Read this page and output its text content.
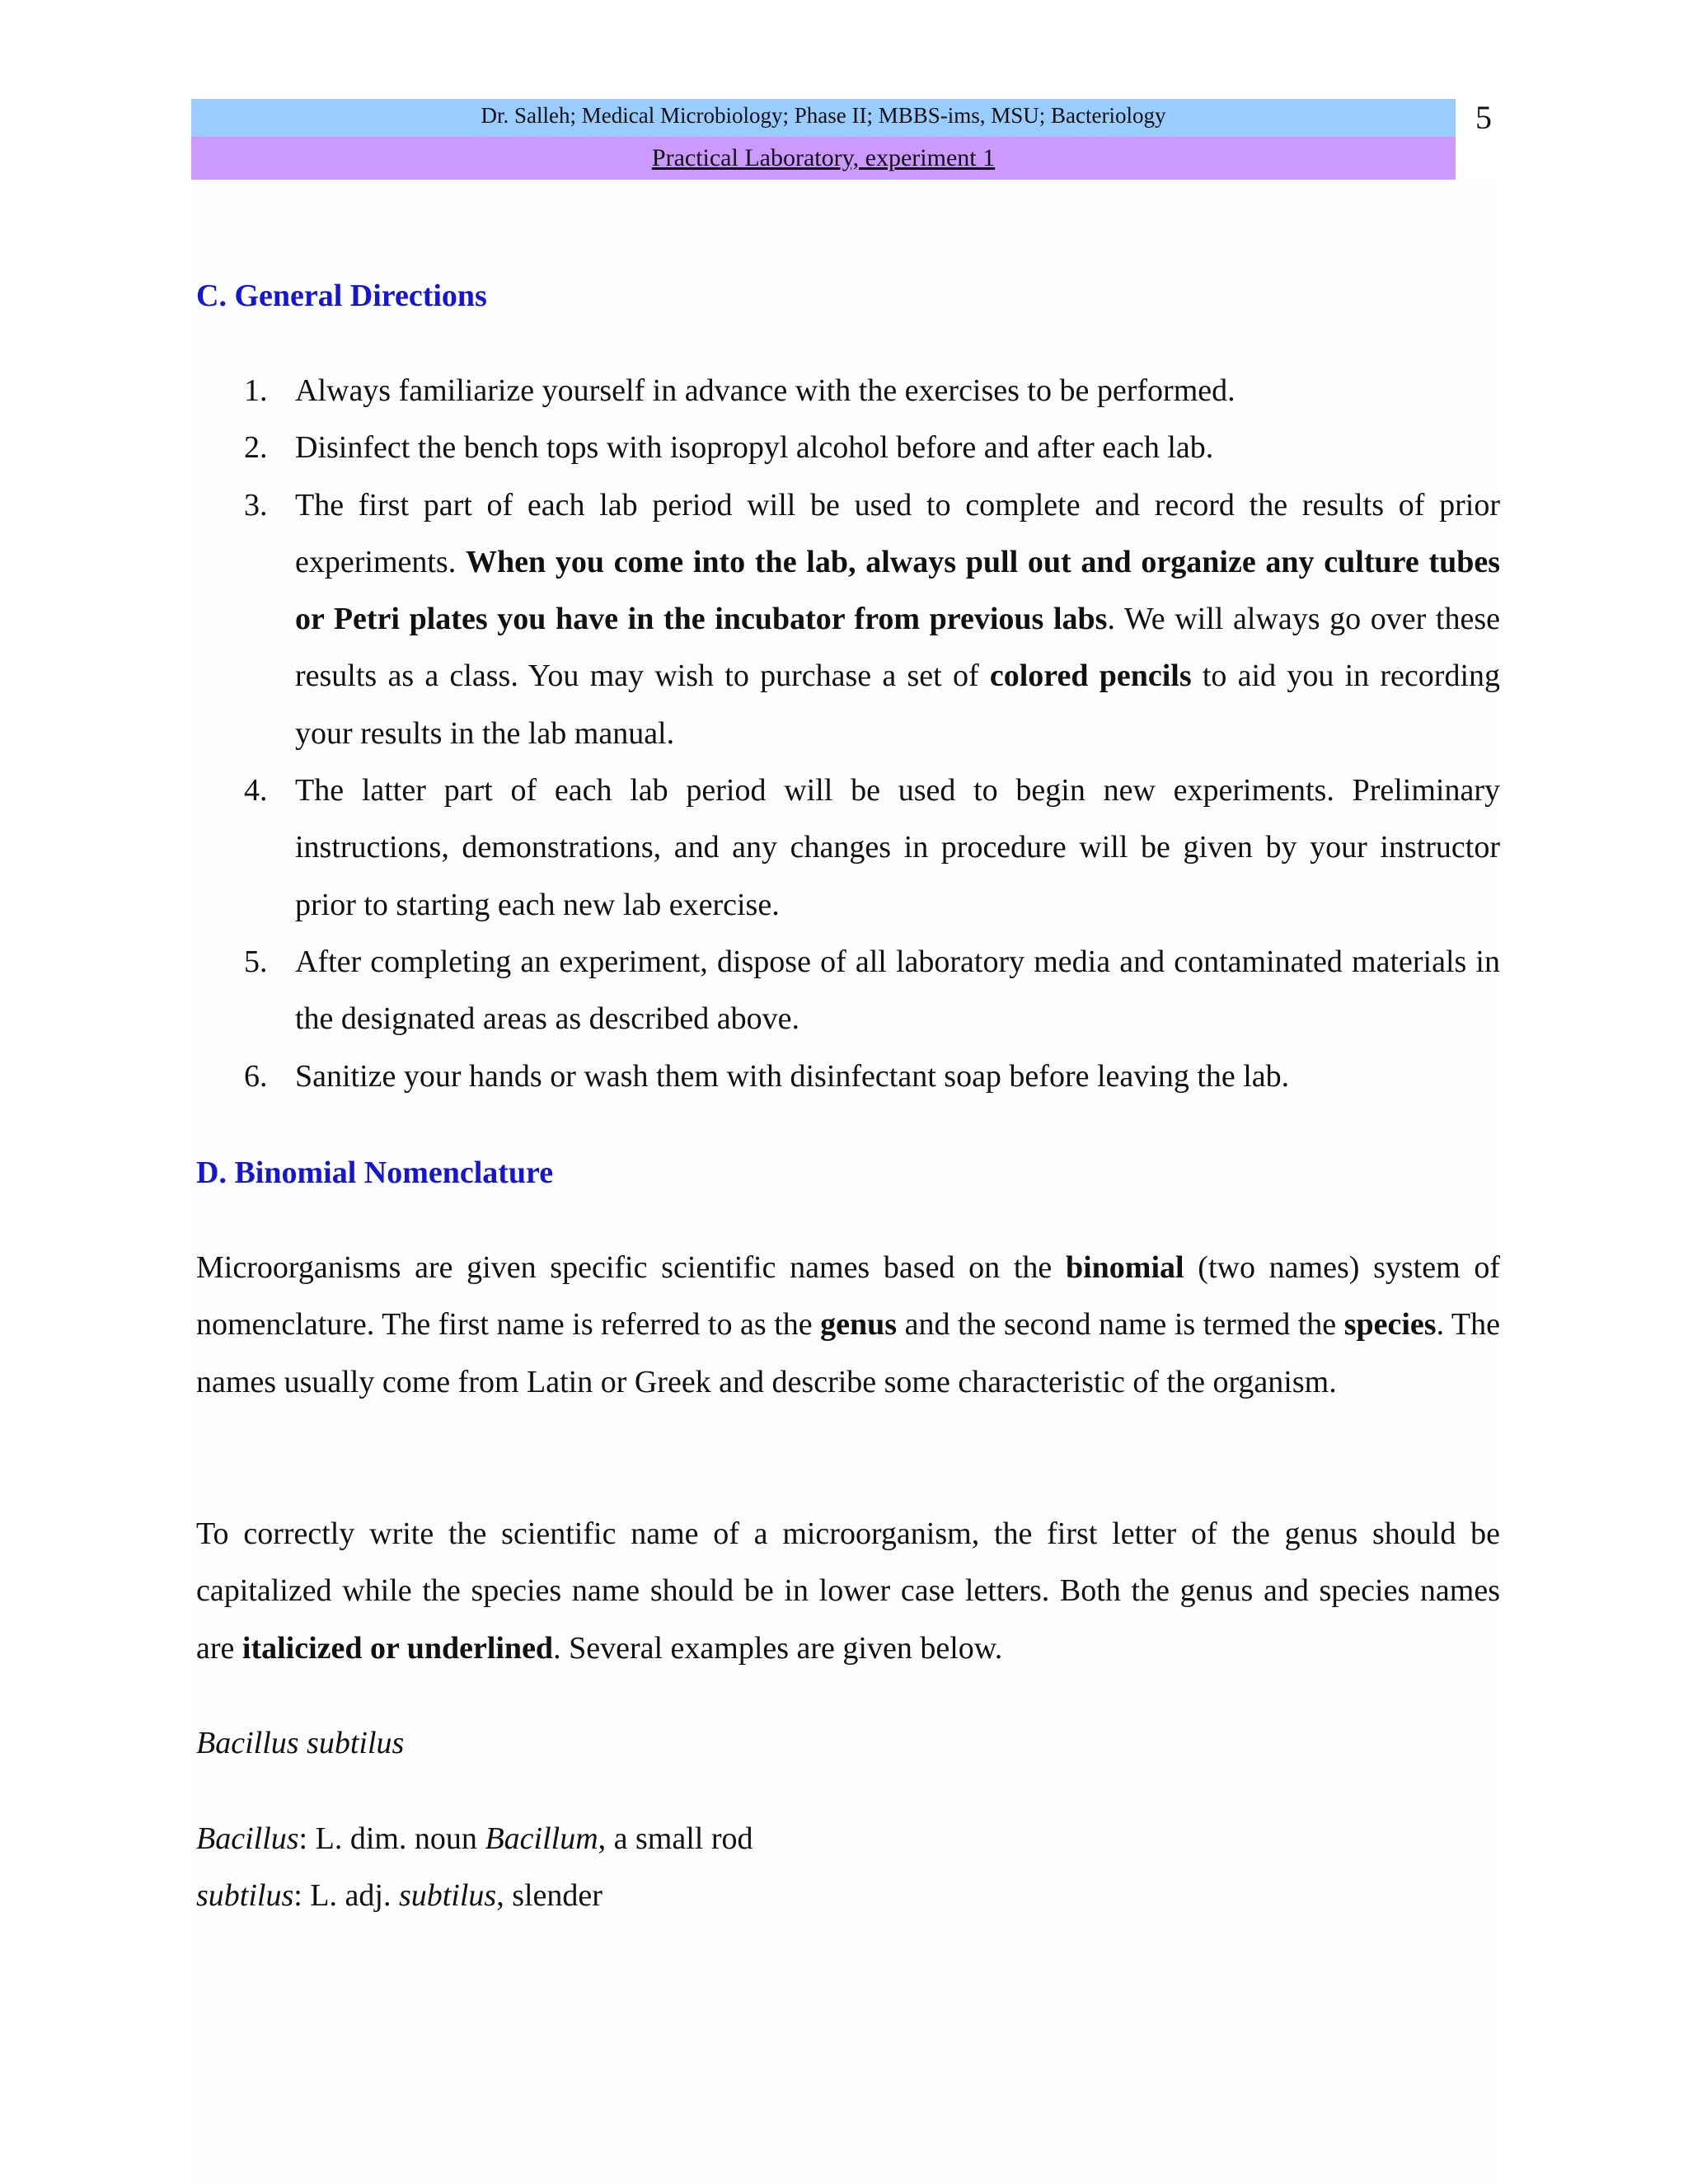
Dr. Salleh; Medical Microbiology; Phase II; MBBS-ims, MSU; Bacteriology
Practical Laboratory, experiment 1
5
C. General Directions
1. Always familiarize yourself in advance with the exercises to be performed.
2. Disinfect the bench tops with isopropyl alcohol before and after each lab.
3. The first part of each lab period will be used to complete and record the results of prior experiments. When you come into the lab, always pull out and organize any culture tubes or Petri plates you have in the incubator from previous labs. We will always go over these results as a class. You may wish to purchase a set of colored pencils to aid you in recording your results in the lab manual.
4. The latter part of each lab period will be used to begin new experiments. Preliminary instructions, demonstrations, and any changes in procedure will be given by your instructor prior to starting each new lab exercise.
5. After completing an experiment, dispose of all laboratory media and contaminated materials in the designated areas as described above.
6. Sanitize your hands or wash them with disinfectant soap before leaving the lab.
D. Binomial Nomenclature

Microorganisms are given specific scientific names based on the binomial (two names) system of nomenclature. The first name is referred to as the genus and the second name is termed the species. The names usually come from Latin or Greek and describe some characteristic of the organism.

To correctly write the scientific name of a microorganism, the first letter of the genus should be capitalized while the species name should be in lower case letters. Both the genus and species names are italicized or underlined. Several examples are given below.

Bacillus subtilus

Bacillus: L. dim. noun Bacillum, a small rod

subtilus: L. adj. subtilus, slender
